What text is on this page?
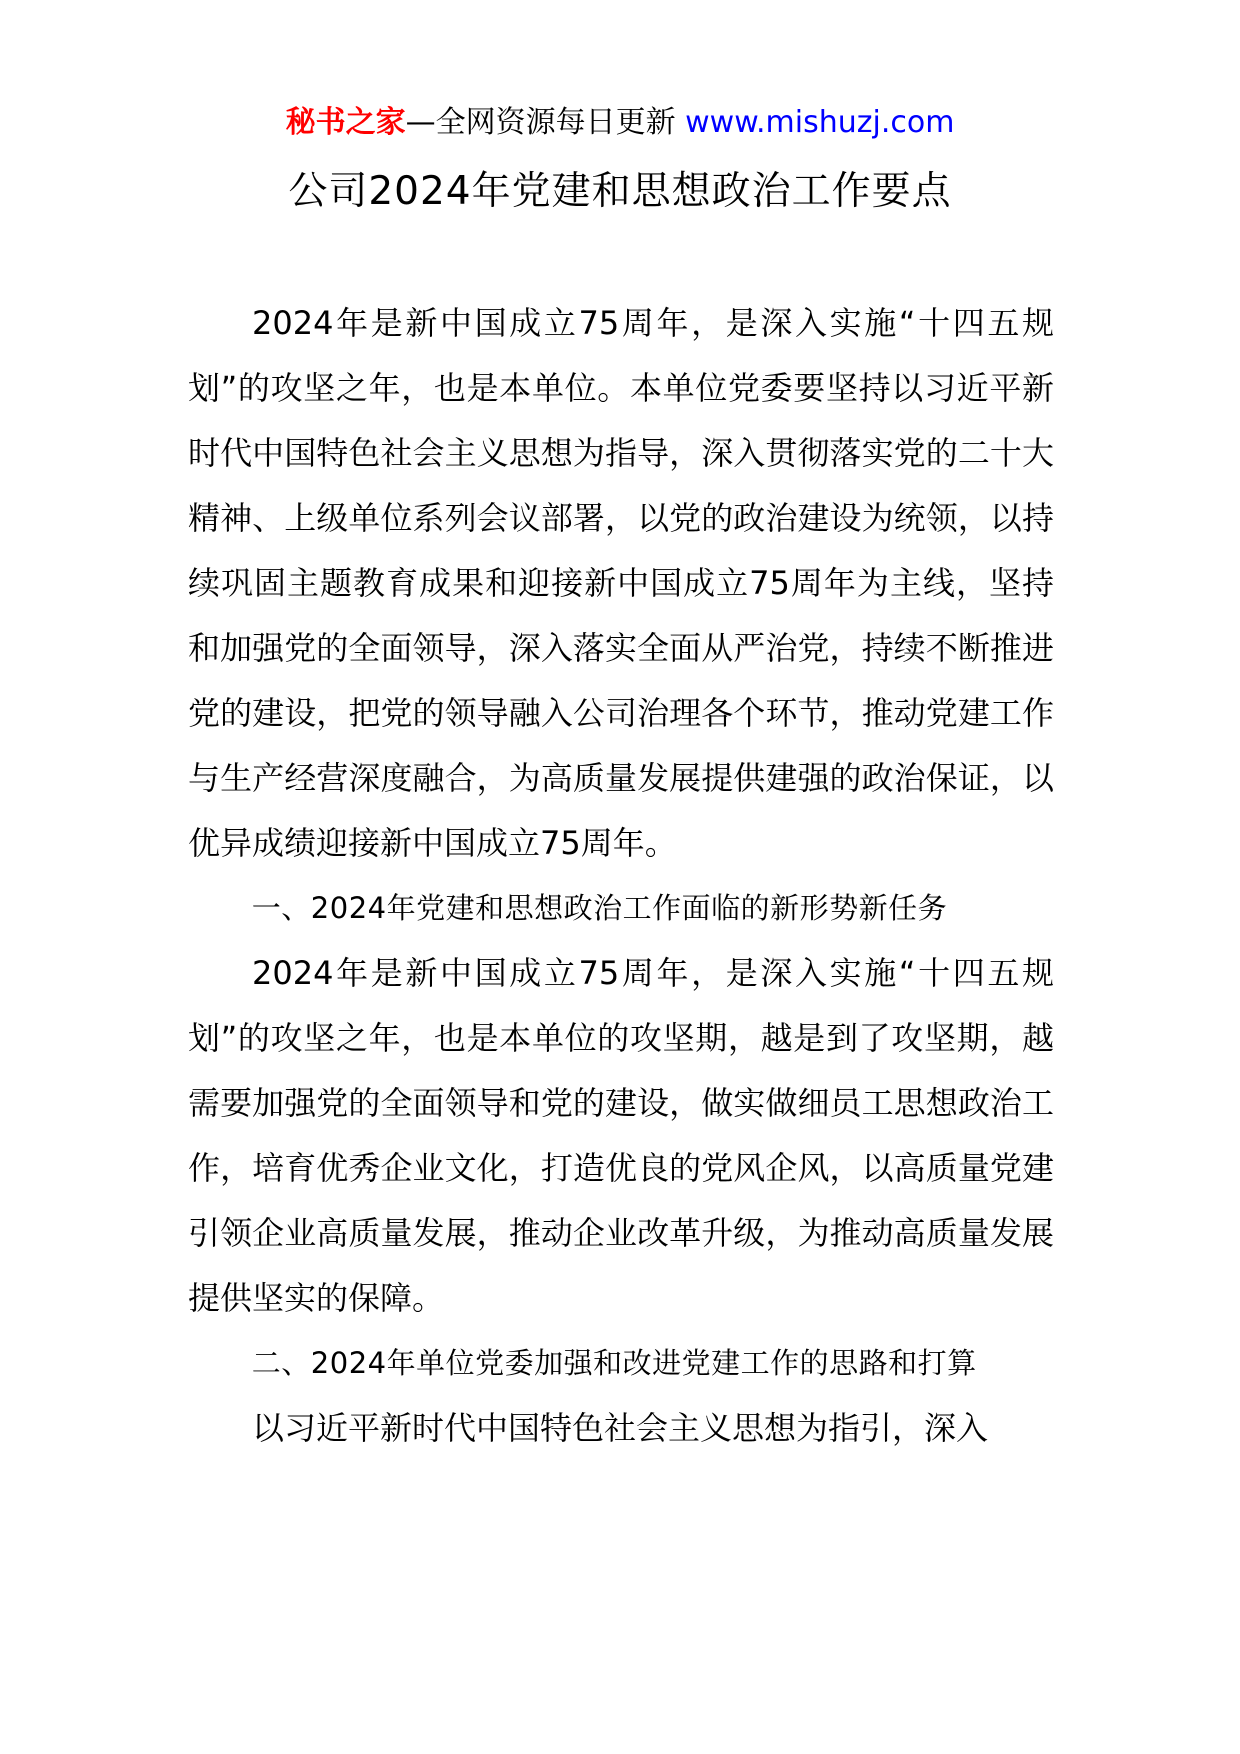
秘书之家—全网资源每日更新 www.mishuzj.com
公司2024年党建和思想政治工作要点

2024年是新中国成立75周年，是深入实施“十四五规划”的攻坚之年，也是本单位。本单位党委要坚持以习近平新时代中国特色社会主义思想为指导，深入贯彻落实党的二十大精神、上级单位系列会议部署，以党的政治建设为统领，以持续巩固主题教育成果和迎接新中国成立75周年为主线，坚持和加强党的全面领导，深入落实全面从严治党，持续不断推进党的建设，把党的领导融入公司治理各个环节，推动党建工作与生产经营深度融合，为高质量发展提供建强的政治保证，以优异成绩迎接新中国成立75周年。

一、2024年党建和思想政治工作面临的新形势新任务

2024年是新中国成立75周年，是深入实施“十四五规划”的攻坚之年，也是本单位的攻坚期，越是到了攻坚期，越需要加强党的全面领导和党的建设，做实做细员工思想政治工作，培育优秀企业文化，打造优良的党风企风，以高质量党建引领企业高质量发展，推动企业改革升级，为推动高质量发展提供坚实的保障。

二、2024年单位党委加强和改进党建工作的思路和打算

以习近平新时代中国特色社会主义思想为指引，深入
